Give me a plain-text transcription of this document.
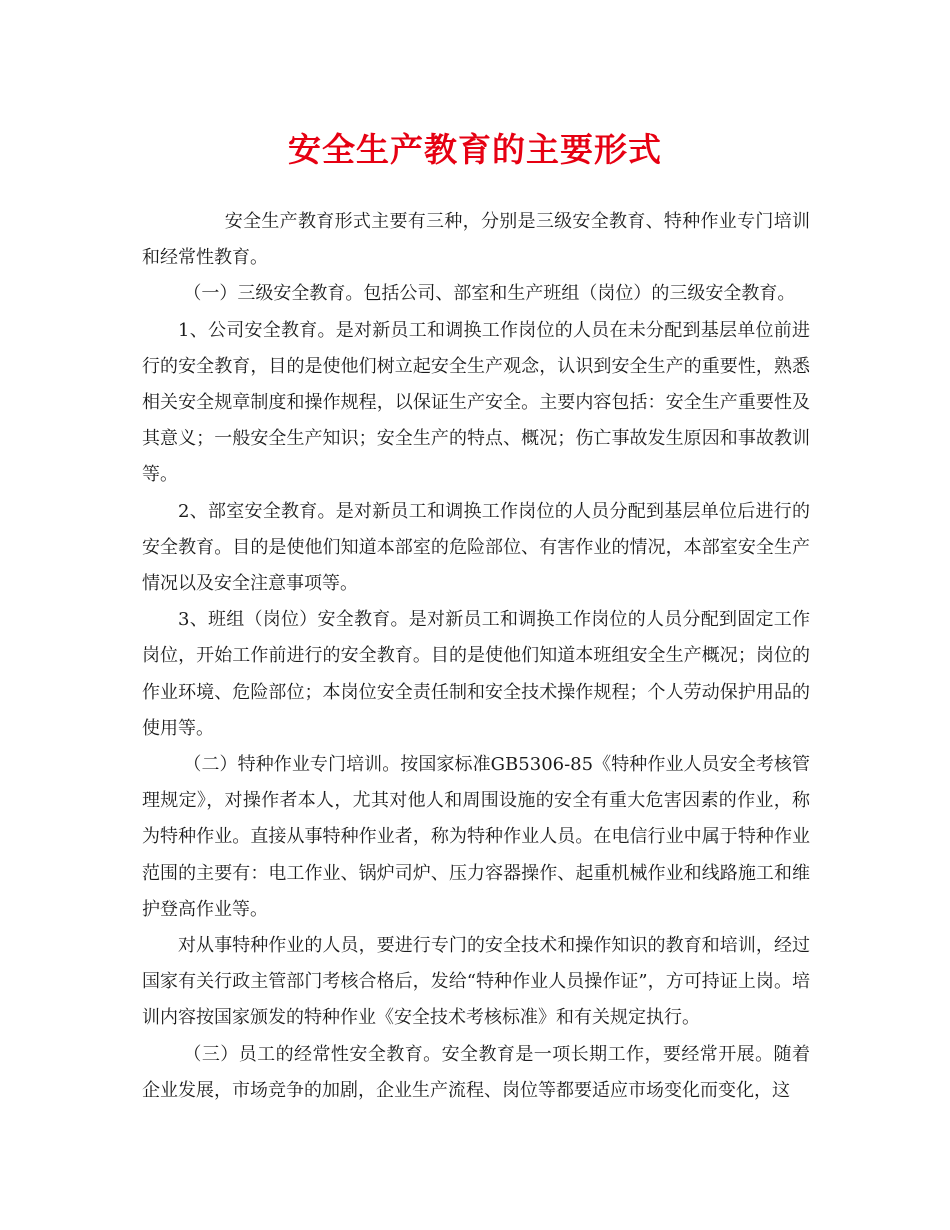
安全生产教育的主要形式

安全生产教育形式主要有三种，分别是三级安全教育、特种作业专门培训和经常性教育。

（一）三级安全教育。包括公司、部室和生产班组（岗位）的三级安全教育。

1、公司安全教育。是对新员工和调换工作岗位的人员在未分配到基层单位前进行的安全教育，目的是使他们树立起安全生产观念，认识到安全生产的重要性，熟悉相关安全规章制度和操作规程，以保证生产安全。主要内容包括：安全生产重要性及其意义；一般安全生产知识；安全生产的特点、概况；伤亡事故发生原因和事故教训等。

2、部室安全教育。是对新员工和调换工作岗位的人员分配到基层单位后进行的安全教育。目的是使他们知道本部室的危险部位、有害作业的情况，本部室安全生产情况以及安全注意事项等。

3、班组（岗位）安全教育。是对新员工和调换工作岗位的人员分配到固定工作岗位，开始工作前进行的安全教育。目的是使他们知道本班组安全生产概况；岗位的作业环境、危险部位；本岗位安全责任制和安全技术操作规程；个人劳动保护用品的使用等。

（二）特种作业专门培训。按国家标准GB5306-85《特种作业人员安全考核管理规定》，对操作者本人，尤其对他人和周围设施的安全有重大危害因素的作业，称为特种作业。直接从事特种作业者，称为特种作业人员。在电信行业中属于特种作业范围的主要有：电工作业、锅炉司炉、压力容器操作、起重机械作业和线路施工和维护登高作业等。

对从事特种作业的人员，要进行专门的安全技术和操作知识的教育和培训，经过国家有关行政主管部门考核合格后，发给“特种作业人员操作证”，方可持证上岗。培训内容按国家颁发的特种作业《安全技术考核标准》和有关规定执行。

（三）员工的经常性安全教育。安全教育是一项长期工作，要经常开展。随着企业发展，市场竞争的加剧，企业生产流程、岗位等都要适应市场变化而变化，这
